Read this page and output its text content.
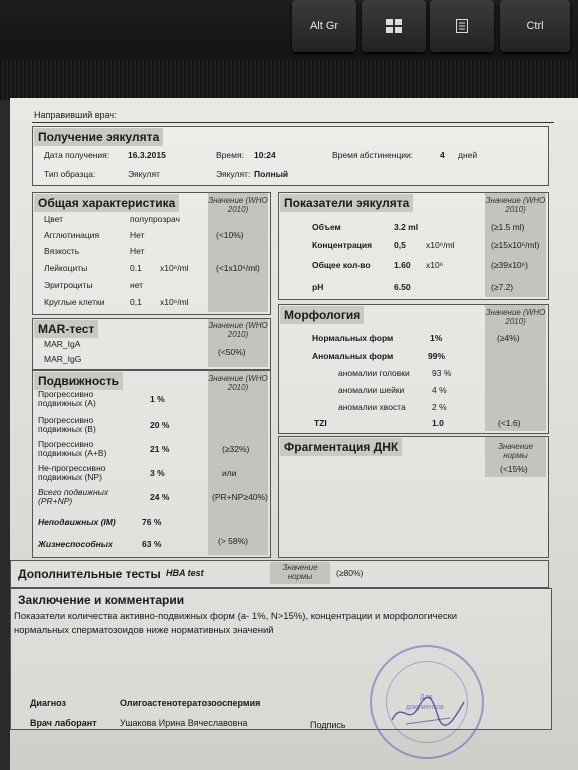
Alt Gr	Ctrl
Направивший врач:
Получение эякулята
Дата получения: 16.3.2015	Время: 10:24	Время абстиненции:	4 дней
Тип образца:	Эякулят	Эякулят: Полный
Общая характеристика	Значение (WHO 2010)
Цвет	полупрозрач
Агглютинация	Нет	(<10%)
Вязкость	Нет
Лейкоциты	0.1 x10⁶/ml	(<1x10⁶/ml)
Эритроциты	нет
Круглые клетки	0,1 x10⁶/ml
Показатели эякулята	Значение (WHO 2010)
Объем	3.2 ml	(≥1.5 ml)
Концентрация	0,5 x10⁶/ml	(≥15x10⁶/ml)
Общее кол-во	1.60 x10⁶	(≥39x10⁶)
pH	6.50	(≥7.2)
MAR-тест	Значение (WHO 2010)
MAR_IgA
MAR_IgG
(<50%)
Подвижность	Значение (WHO 2010)
Прогрессивно
подвижных (A)	1 %
Прогрессивно
подвижных (B)	20 %
Прогрессивно
подвижных (A+B)	21 %	(≥32%)
Не-прогрессивно
подвижных (NP)	3 %	или
Всего подвижных
(PR+NP)	24 %	(PR+NP≥40%)
Неподвижных (IM)	76 %
Жизнеспособных	63 %	(> 58%)
Морфология	Значение (WHO 2010)
Нормальных форм	1%	(≥4%)
Аномальных форм	99%
аномалии головки	93 %
аномалии шейки	4 %
аномалии хвоста	2 %
TZI	1.0	(<1.6)
Фрагментация ДНК	Значение нормы
(<15%)
Дополнительные тесты HBA test
Значение нормы	(≥80%)
Заключение и комментарии
Показатели количества активно-подвижных форм (а- 1%, N>15%), концентрации и морфологически
нормальных сперматозоидов ниже нормативных значений
Диагноз	Олигоастенотератозооспермия
Врач лаборант	Ушакова Ирина Вячеславовна	Подпись
Для
документов
